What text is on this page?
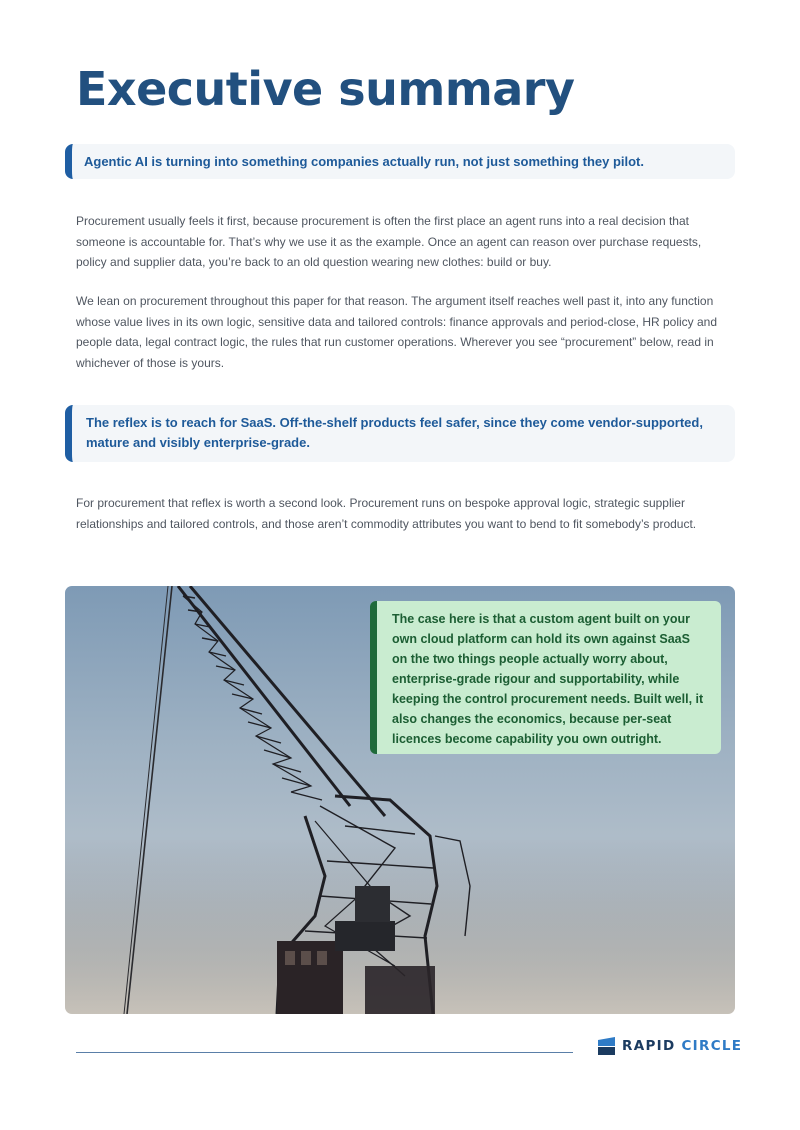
Executive summary
Agentic AI is turning into something companies actually run, not just something they pilot.

Procurement usually feels it first, because procurement is often the first place an agent runs into a real decision that someone is accountable for. That’s why we use it as the example. Once an agent can reason over purchase requests, policy and supplier data, you’re back to an old question wearing new clothes: build or buy.

We lean on procurement throughout this paper for that reason. The argument itself reaches well past it, into any function whose value lives in its own logic, sensitive data and tailored controls: finance approvals and period-close, HR policy and people data, legal contract logic, the rules that run customer operations. Wherever you see “procurement” below, read in whichever of those is yours.

The reflex is to reach for SaaS. Off-the-shelf products feel safer, since they come vendor-supported, mature and visibly enterprise-grade.

For procurement that reflex is worth a second look. Procurement runs on bespoke approval logic, strategic supplier relationships and tailored controls, and those aren’t commodity attributes you want to bend to fit somebody’s product.

The case here is that a custom agent built on your own cloud platform can hold its own against SaaS on the two things people actually worry about, enterprise-grade rigour and supportability, while keeping the control procurement needs. Built well, it also changes the economics, because per-seat licences become capability you own outright.
RAPID CIRCLE
